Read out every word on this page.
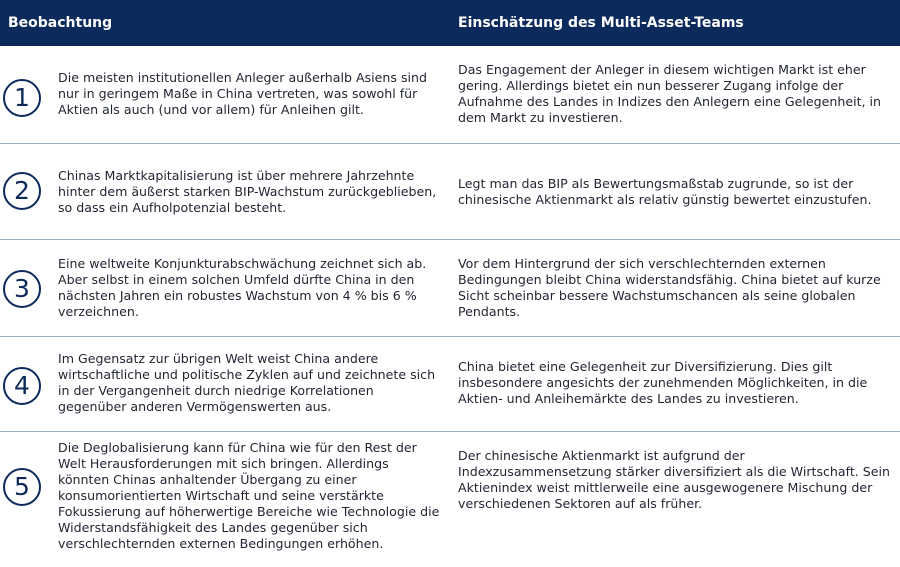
Beobachtung	Einschätzung des Multi-Asset-Teams
1
Die meisten institutionellen Anleger außerhalb Asiens sind nur in geringem Maße in China vertreten, was sowohl für Aktien als auch (und vor allem) für Anleihen gilt.
Das Engagement der Anleger in diesem wichtigen Markt ist eher gering. Allerdings bietet ein nun besserer Zugang infolge der Aufnahme des Landes in Indizes den Anlegern eine Gelegenheit, in dem Markt zu investieren.
2
Chinas Marktkapitalisierung ist über mehrere Jahrzehnte hinter dem äußerst starken BIP-Wachstum zurückgeblieben, so dass ein Aufholpotenzial besteht.
Legt man das BIP als Bewertungsmaßstab zugrunde, so ist der chinesische Aktienmarkt als relativ günstig bewertet einzustufen.
3
Eine weltweite Konjunkturabschwächung zeichnet sich ab. Aber selbst in einem solchen Umfeld dürfte China in den nächsten Jahren ein robustes Wachstum von 4 % bis 6 % verzeichnen.
Vor dem Hintergrund der sich verschlechternden externen Bedingungen bleibt China widerstandsfähig. China bietet auf kurze Sicht scheinbar bessere Wachstumschancen als seine globalen Pendants.
4
Im Gegensatz zur übrigen Welt weist China andere wirtschaftliche und politische Zyklen auf und zeichnete sich in der Vergangenheit durch niedrige Korrelationen gegenüber anderen Vermögenswerten aus.
China bietet eine Gelegenheit zur Diversifizierung. Dies gilt insbesondere angesichts der zunehmenden Möglichkeiten, in die Aktien- und Anleihemärkte des Landes zu investieren.
5
Die Deglobalisierung kann für China wie für den Rest der Welt Herausforderungen mit sich bringen. Allerdings könnten Chinas anhaltender Übergang zu einer konsumorientierten Wirtschaft und seine verstärkte Fokussierung auf höherwertige Bereiche wie Technologie die Widerstandsfähigkeit des Landes gegenüber sich verschlechternden externen Bedingungen erhöhen.
Der chinesische Aktienmarkt ist aufgrund der Indexzusammensetzung stärker diversifiziert als die Wirtschaft. Sein Aktienindex weist mittlerweile eine ausgewogenere Mischung der verschiedenen Sektoren auf als früher.
